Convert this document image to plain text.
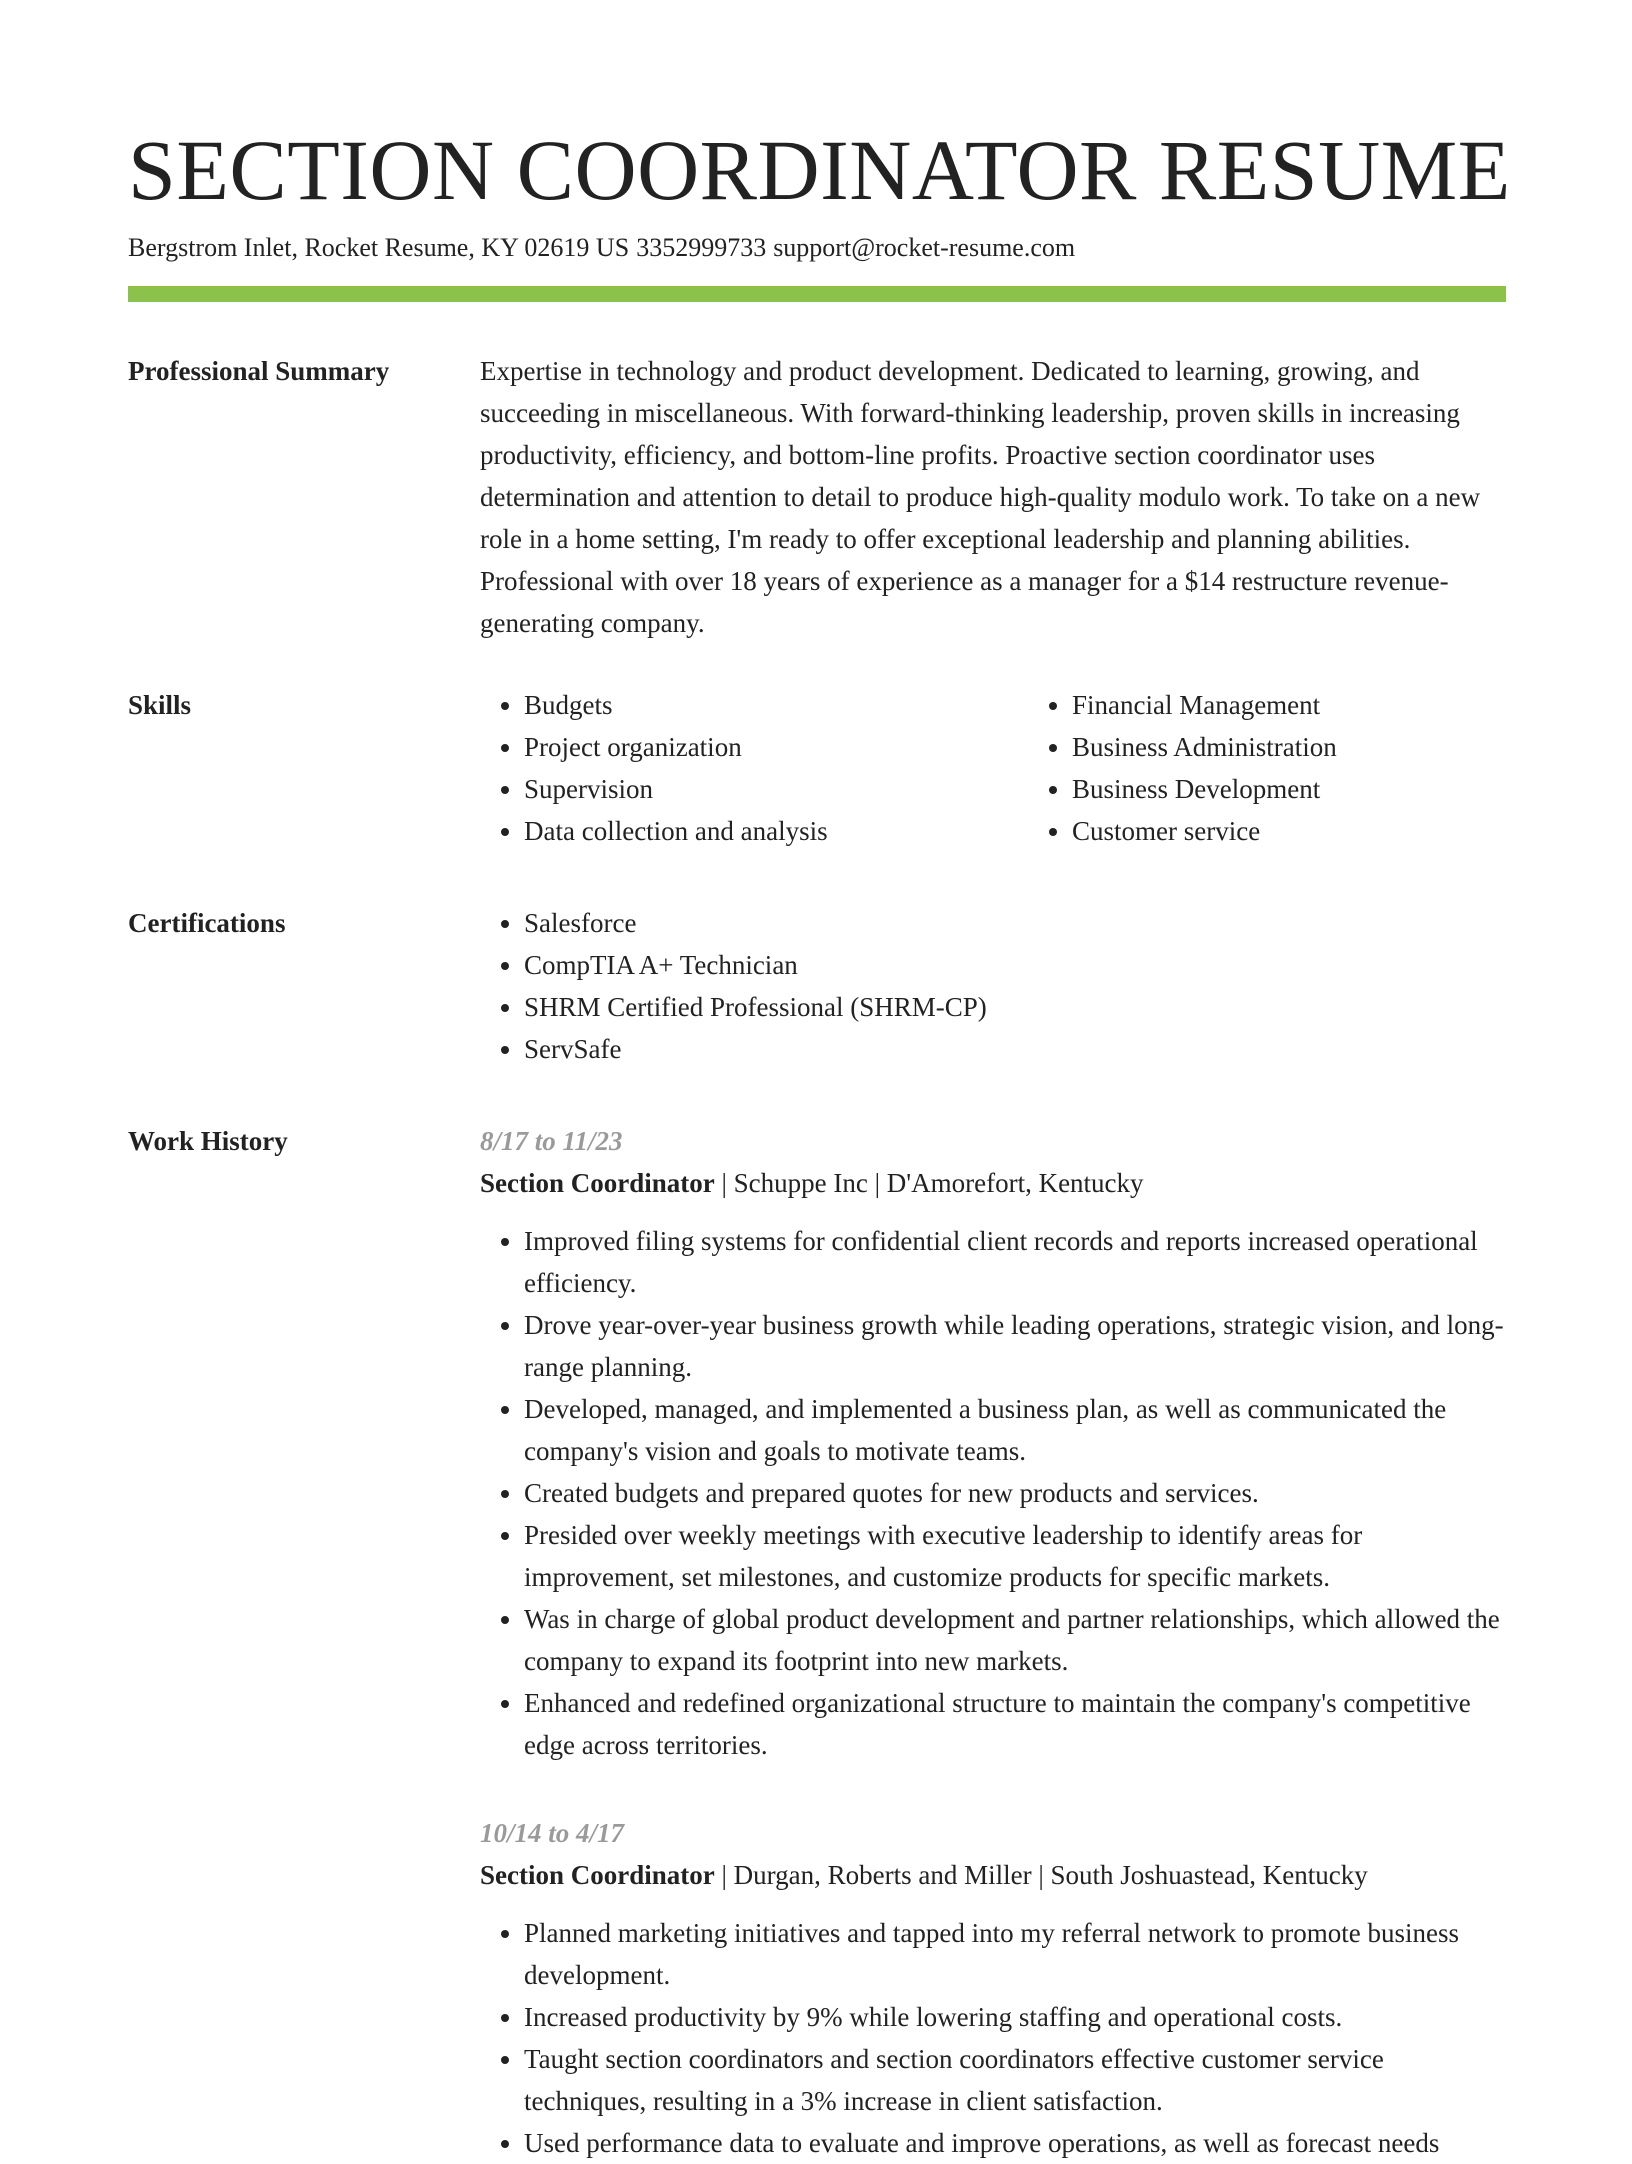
SECTION COORDINATOR RESUME
Bergstrom Inlet, Rocket Resume, KY 02619 US 3352999733 support@rocket-resume.com
Professional Summary	Expertise in technology and product development. Dedicated to learning, growing, and succeeding in miscellaneous. With forward-thinking leadership, proven skills in increasing productivity, efficiency, and bottom-line profits. Proactive section coordinator uses determination and attention to detail to produce high-quality modulo work. To take on a new role in a home setting, I'm ready to offer exceptional leadership and planning abilities. Professional with over 18 years of experience as a manager for a $14 restructure revenue-generating company.

Skills	• Budgets
• Project organization
• Supervision
• Data collection and analysis
• Financial Management
• Business Administration
• Business Development
• Customer service
Certifications	• Salesforce
• CompTIA A+ Technician
• SHRM Certified Professional (SHRM-CP)
• ServSafe
Work History	8/17 to 11/23
Section Coordinator | Schuppe Inc | D'Amorefort, Kentucky
• Improved filing systems for confidential client records and reports increased operational efficiency.
• Drove year-over-year business growth while leading operations, strategic vision, and long-range planning.
• Developed, managed, and implemented a business plan, as well as communicated the company's vision and goals to motivate teams.
• Created budgets and prepared quotes for new products and services.
• Presided over weekly meetings with executive leadership to identify areas for improvement, set milestones, and customize products for specific markets.
• Was in charge of global product development and partner relationships, which allowed the company to expand its footprint into new markets.
• Enhanced and redefined organizational structure to maintain the company's competitive edge across territories.
10/14 to 4/17
Section Coordinator | Durgan, Roberts and Miller | South Joshuastead, Kentucky
• Planned marketing initiatives and tapped into my referral network to promote business development.
• Increased productivity by 9% while lowering staffing and operational costs.
• Taught section coordinators and section coordinators effective customer service techniques, resulting in a 3% increase in client satisfaction.
• Used performance data to evaluate and improve operations, as well as forecast needs
